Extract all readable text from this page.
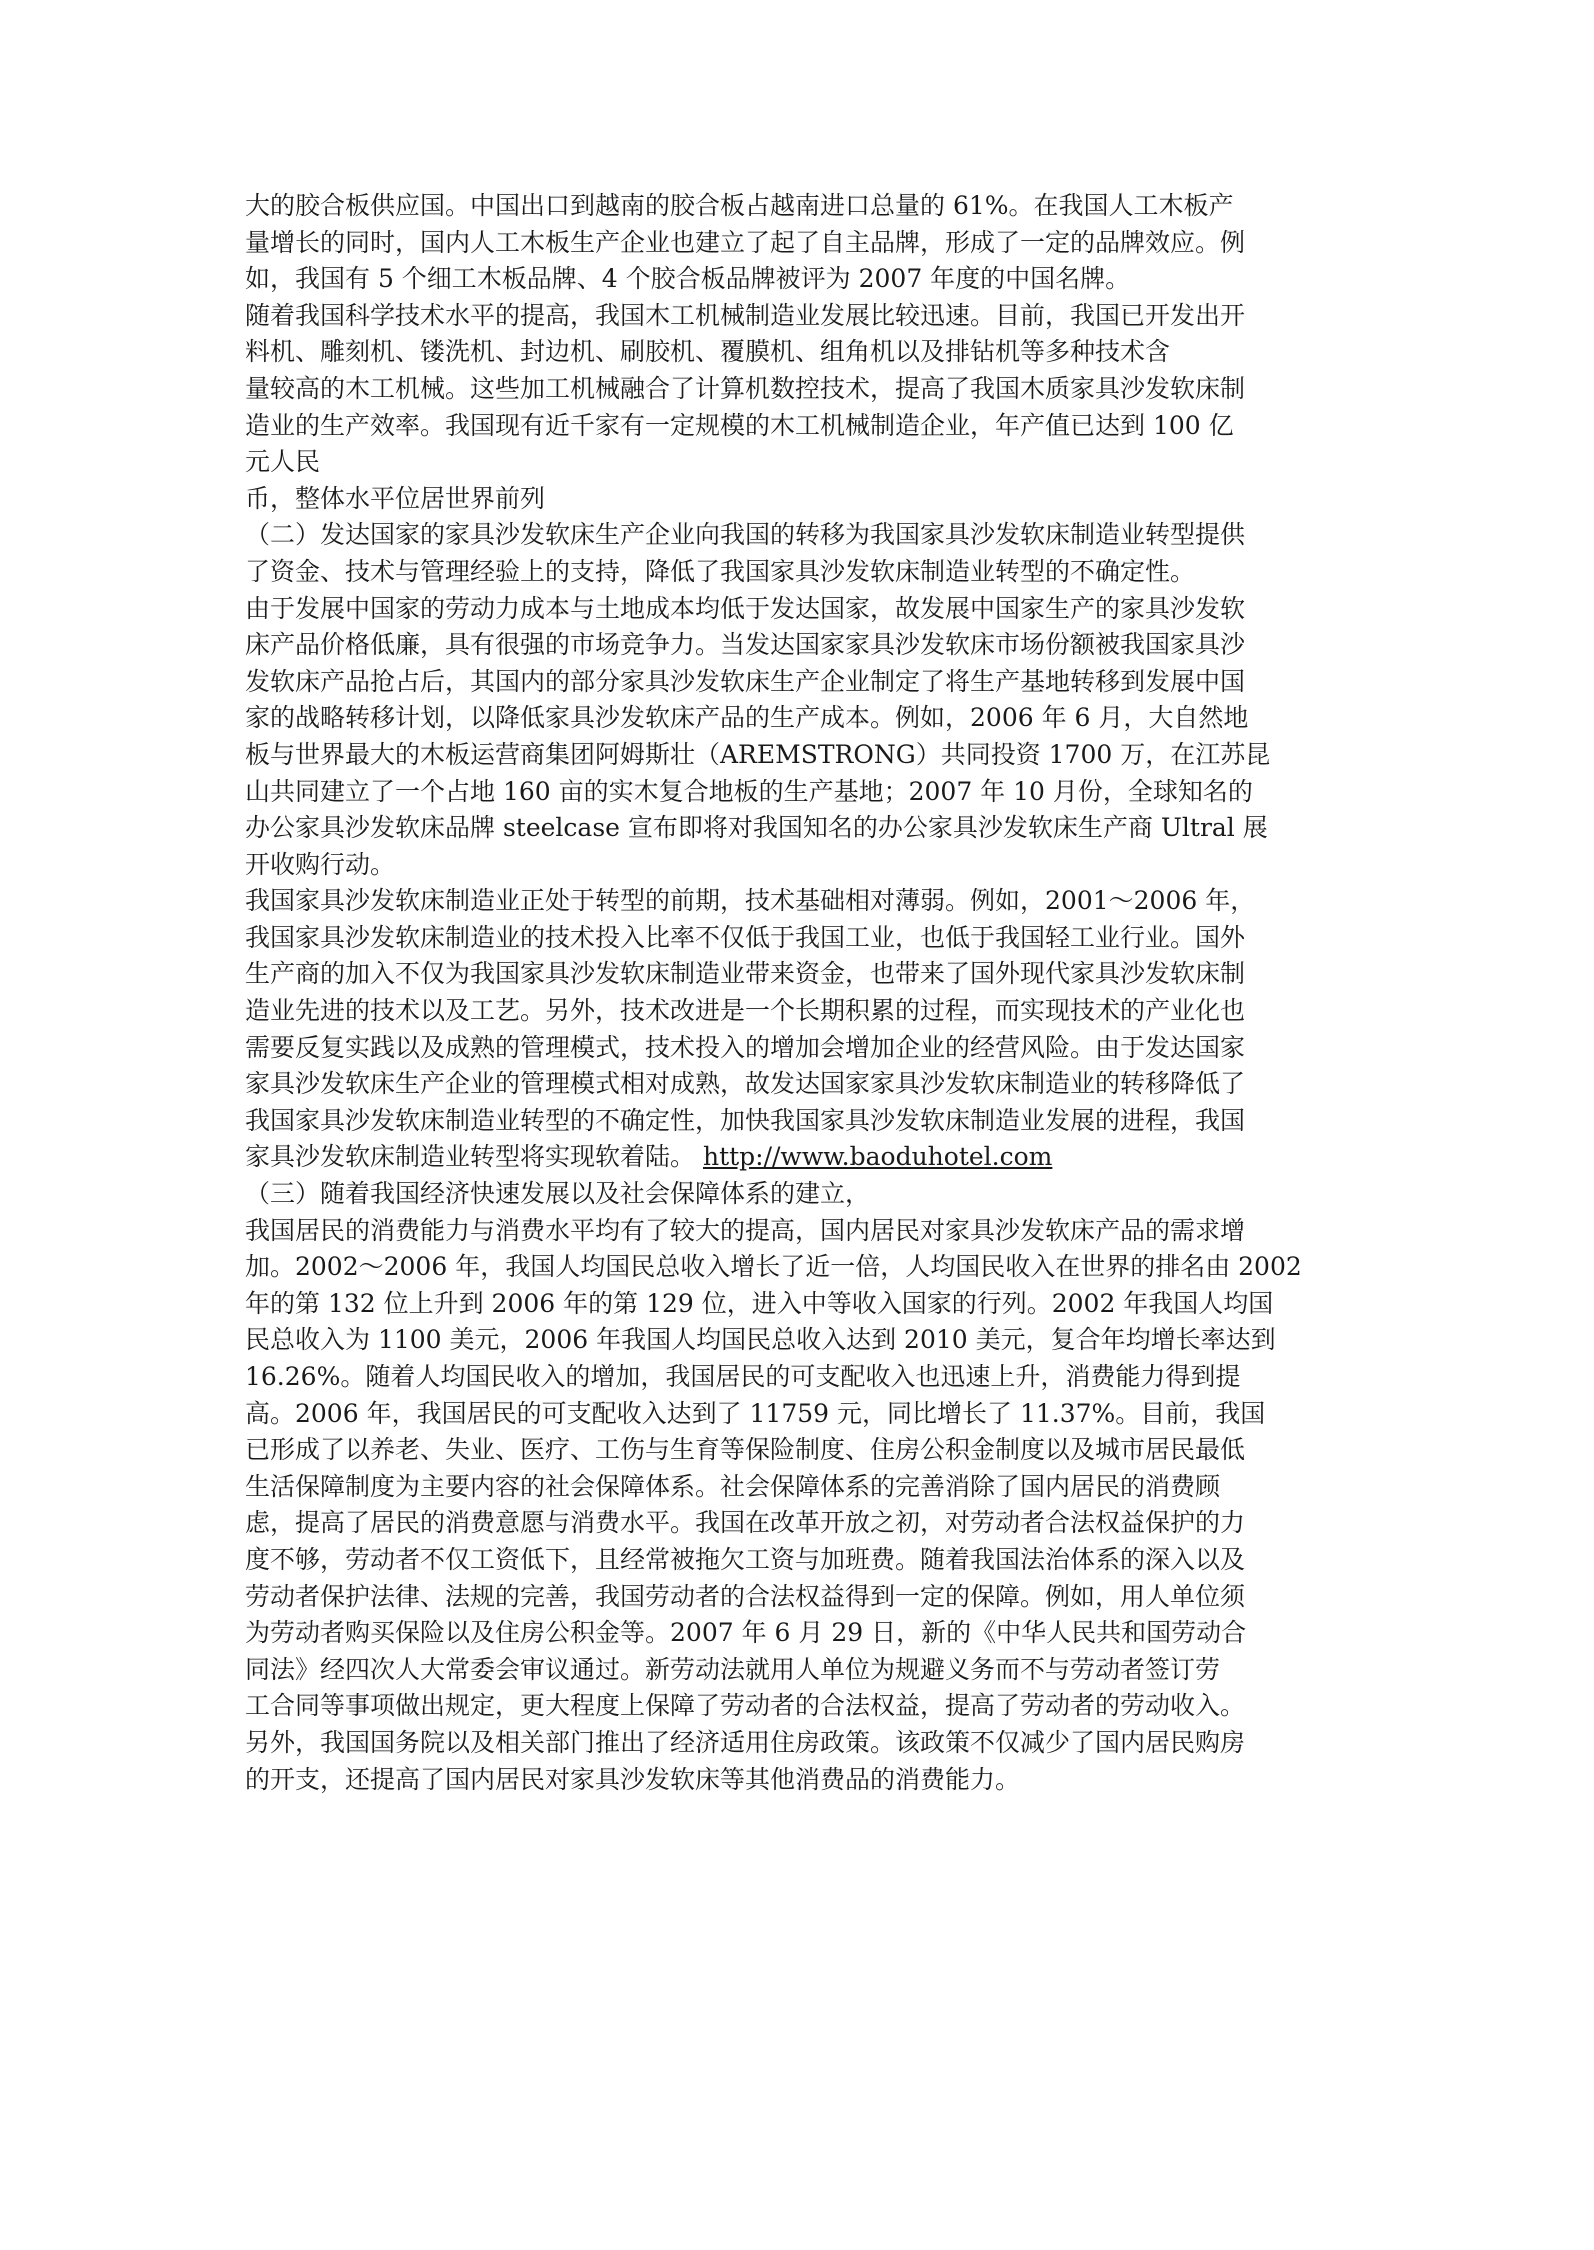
大的胶合板供应国。中国出口到越南的胶合板占越南进口总量的 61%。在我国人工木板产
量增长的同时，国内人工木板生产企业也建立了起了自主品牌，形成了一定的品牌效应。例
如，我国有 5 个细工木板品牌、4 个胶合板品牌被评为 2007 年度的中国名牌。
随着我国科学技术水平的提高，我国木工机械制造业发展比较迅速。目前，我国已开发出开
料机、雕刻机、镂洗机、封边机、刷胶机、覆膜机、组角机以及排钻机等多种技术含
量较高的木工机械。这些加工机械融合了计算机数控技术，提高了我国木质家具沙发软床制
造业的生产效率。我国现有近千家有一定规模的木工机械制造企业，年产值已达到 100 亿
元人民
币，整体水平位居世界前列
（二）发达国家的家具沙发软床生产企业向我国的转移为我国家具沙发软床制造业转型提供
了资金、技术与管理经验上的支持，降低了我国家具沙发软床制造业转型的不确定性。
由于发展中国家的劳动力成本与土地成本均低于发达国家，故发展中国家生产的家具沙发软
床产品价格低廉，具有很强的市场竞争力。当发达国家家具沙发软床市场份额被我国家具沙
发软床产品抢占后，其国内的部分家具沙发软床生产企业制定了将生产基地转移到发展中国
家的战略转移计划，以降低家具沙发软床产品的生产成本。例如，2006 年 6 月，大自然地
板与世界最大的木板运营商集团阿姆斯壮（AREMSTRONG）共同投资 1700 万，在江苏昆
山共同建立了一个占地 160 亩的实木复合地板的生产基地；2007 年 10 月份，全球知名的
办公家具沙发软床品牌 steelcase 宣布即将对我国知名的办公家具沙发软床生产商 Ultral 展
开收购行动。
我国家具沙发软床制造业正处于转型的前期，技术基础相对薄弱。例如，2001～2006 年，
我国家具沙发软床制造业的技术投入比率不仅低于我国工业，也低于我国轻工业行业。国外
生产商的加入不仅为我国家具沙发软床制造业带来资金，也带来了国外现代家具沙发软床制
造业先进的技术以及工艺。另外，技术改进是一个长期积累的过程，而实现技术的产业化也
需要反复实践以及成熟的管理模式，技术投入的增加会增加企业的经营风险。由于发达国家
家具沙发软床生产企业的管理模式相对成熟，故发达国家家具沙发软床制造业的转移降低了
我国家具沙发软床制造业转型的不确定性，加快我国家具沙发软床制造业发展的进程，我国
家具沙发软床制造业转型将实现软着陆。 http://www.baoduhotel.com
（三）随着我国经济快速发展以及社会保障体系的建立，
我国居民的消费能力与消费水平均有了较大的提高，国内居民对家具沙发软床产品的需求增
加。2002～2006 年，我国人均国民总收入增长了近一倍，人均国民收入在世界的排名由 2002
年的第 132 位上升到 2006 年的第 129 位，进入中等收入国家的行列。2002 年我国人均国
民总收入为 1100 美元，2006 年我国人均国民总收入达到 2010 美元，复合年均增长率达到
16.26%。随着人均国民收入的增加，我国居民的可支配收入也迅速上升，消费能力得到提
高。2006 年，我国居民的可支配收入达到了 11759 元，同比增长了 11.37%。目前，我国
已形成了以养老、失业、医疗、工伤与生育等保险制度、住房公积金制度以及城市居民最低
生活保障制度为主要内容的社会保障体系。社会保障体系的完善消除了国内居民的消费顾
虑，提高了居民的消费意愿与消费水平。我国在改革开放之初，对劳动者合法权益保护的力
度不够，劳动者不仅工资低下，且经常被拖欠工资与加班费。随着我国法治体系的深入以及
劳动者保护法律、法规的完善，我国劳动者的合法权益得到一定的保障。例如，用人单位须
为劳动者购买保险以及住房公积金等。2007 年 6 月 29 日，新的《中华人民共和国劳动合
同法》经四次人大常委会审议通过。新劳动法就用人单位为规避义务而不与劳动者签订劳
工合同等事项做出规定，更大程度上保障了劳动者的合法权益，提高了劳动者的劳动收入。
另外，我国国务院以及相关部门推出了经济适用住房政策。该政策不仅减少了国内居民购房
的开支，还提高了国内居民对家具沙发软床等其他消费品的消费能力。
